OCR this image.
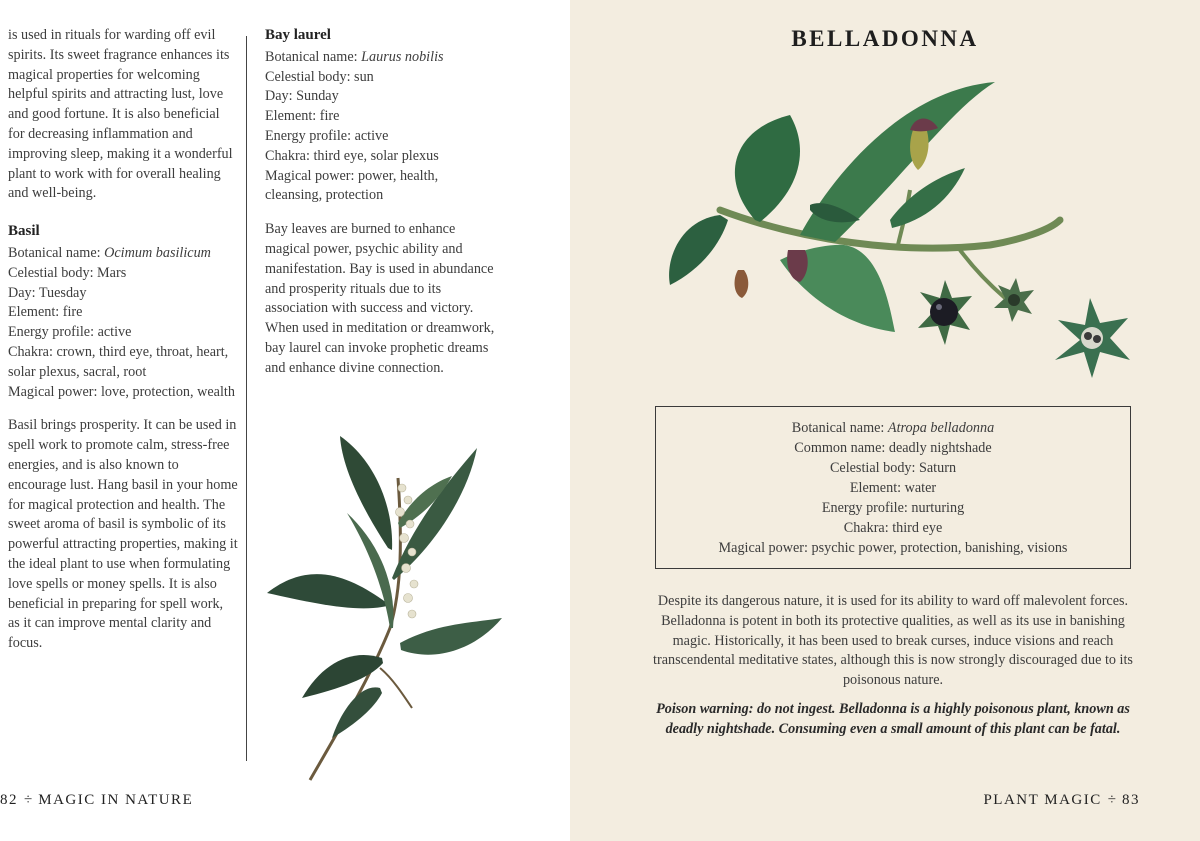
is used in rituals for warding off evil spirits. Its sweet fragrance enhances its magical properties for welcoming helpful spirits and attracting lust, love and good fortune. It is also beneficial for decreasing inflammation and improving sleep, making it a wonderful plant to work with for overall healing and well-being.

Basil

Botanical name: Ocimum basilicum

Celestial body: Mars

Day: Tuesday

Element: fire

Energy profile: active

Chakra: crown, third eye, throat, heart, solar plexus, sacral, root

Magical power: love, protection, wealth

Basil brings prosperity. It can be used in spell work to promote calm, stress-free energies, and is also known to encourage lust. Hang basil in your home for magical protection and health. The sweet aroma of basil is symbolic of its powerful attracting properties, making it the ideal plant to use when formulating love spells or money spells. It is also beneficial in preparing for spell work, as it can improve mental clarity and focus.

Bay laurel

Botanical name: Laurus nobilis

Celestial body: sun

Day: Sunday

Element: fire

Energy profile: active

Chakra: third eye, solar plexus

Magical power: power, health, cleansing, protection

Bay leaves are burned to enhance magical power, psychic ability and manifestation. Bay is used in abundance and prosperity rituals due to its association with success and victory. When used in meditation or dreamwork, bay laurel can invoke prophetic dreams and enhance divine connection.

BELLADONNA

Botanical name: Atropa belladonna

Common name: deadly nightshade

Celestial body: Saturn

Element: water

Energy profile: nurturing

Chakra: third eye

Magical power: psychic power, protection, banishing, visions

Despite its dangerous nature, it is used for its ability to ward off malevolent forces. Belladonna is potent in both its protective qualities, as well as its use in banishing magic. Historically, it has been used to break curses, induce visions and reach transcendental meditative states, although this is now strongly discouraged due to its poisonous nature.

Poison warning: do not ingest. Belladonna is a highly poisonous plant, known as deadly nightshade. Consuming even a small amount of this plant can be fatal.

82 ÷ MAGIC IN NATURE	PLANT MAGIC ÷ 83
